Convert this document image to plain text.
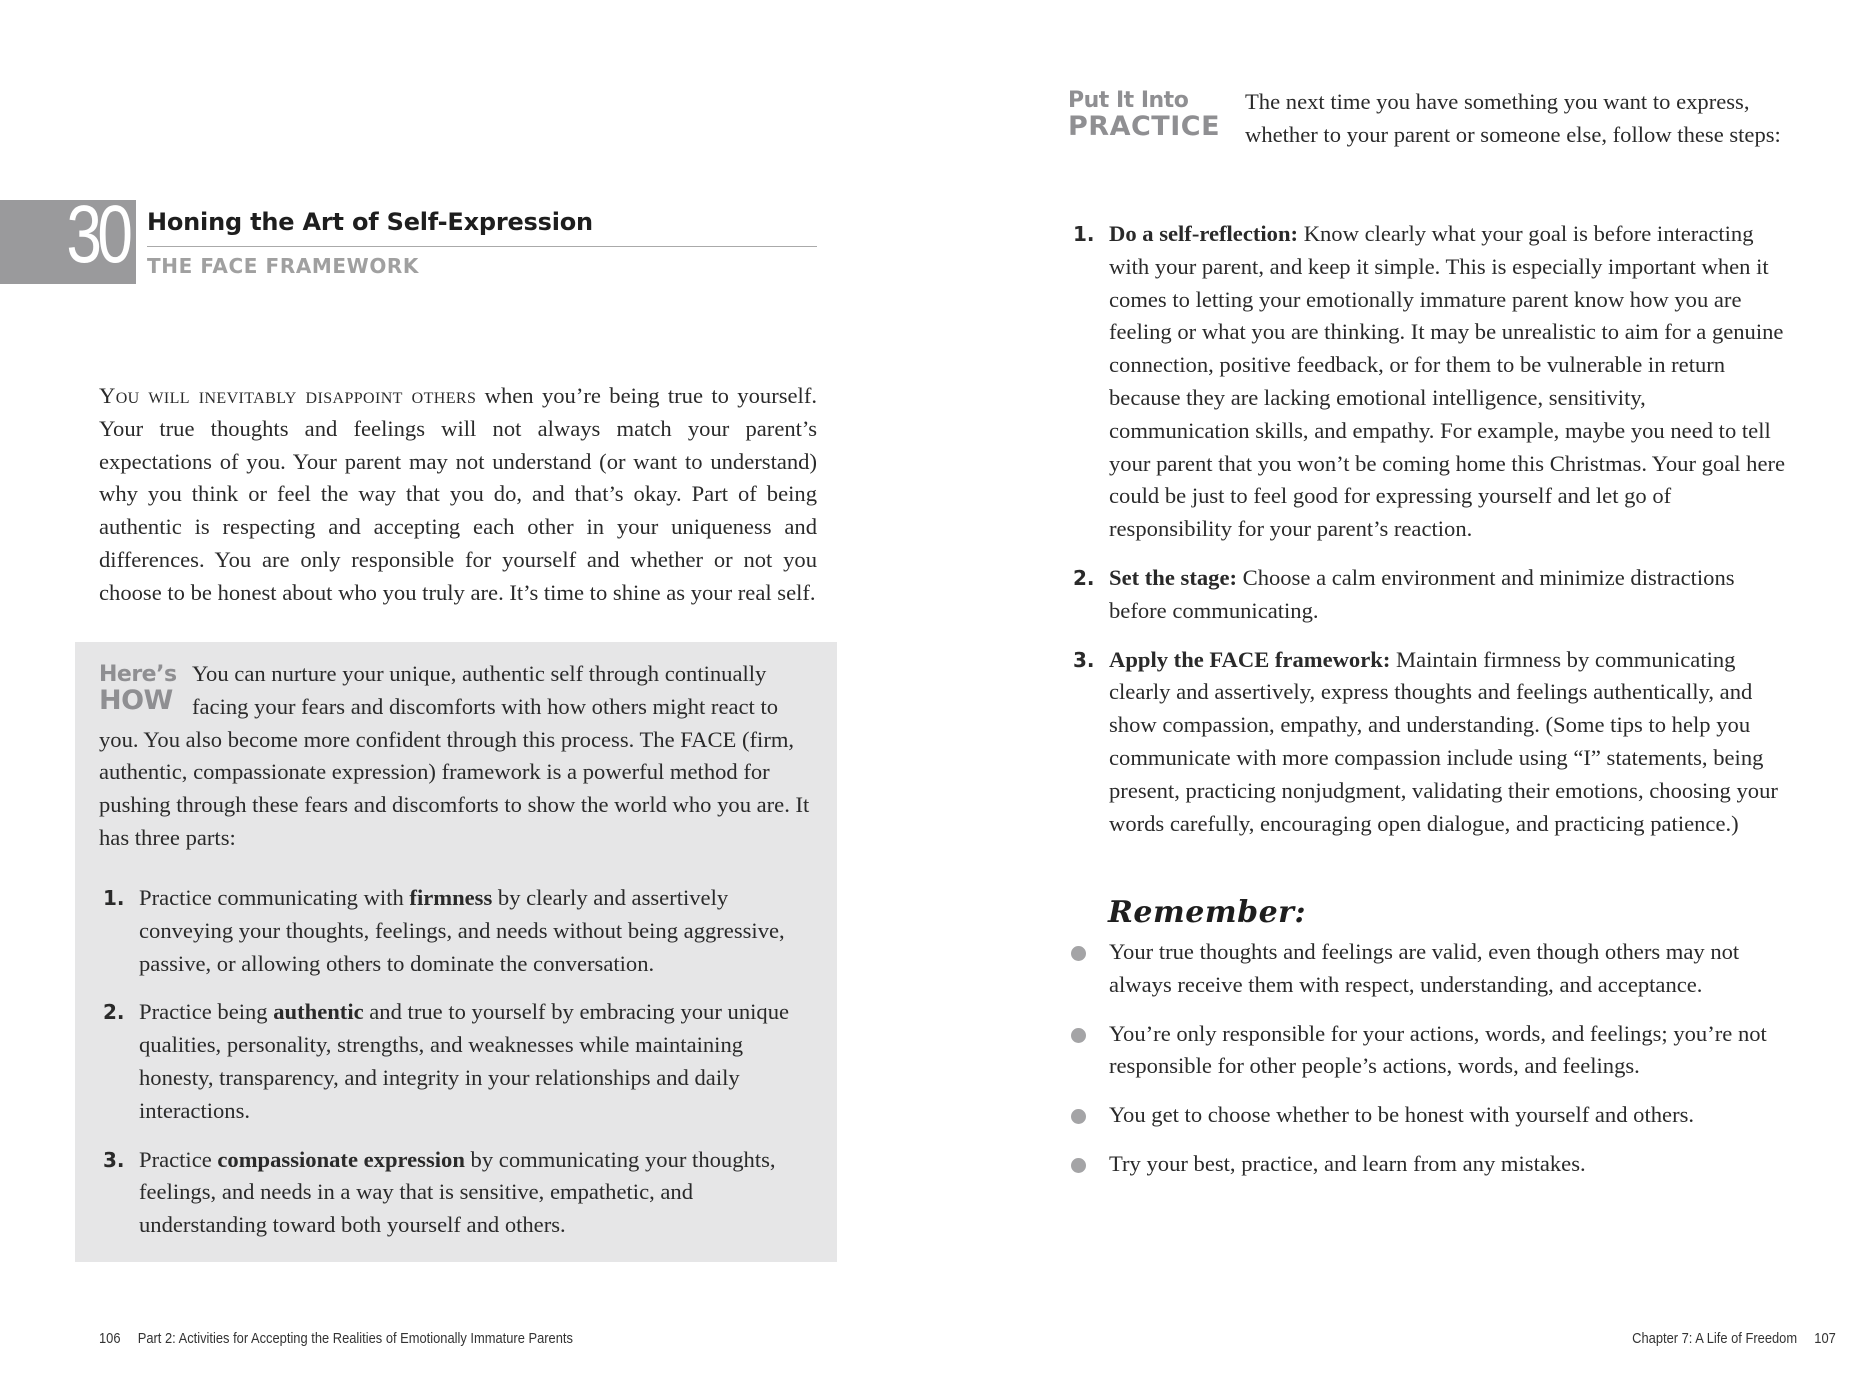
30 Honing the Art of Self-Expression
THE FACE FRAMEWORK
You will inevitably disappoint others when you’re being true to yourself. Your true thoughts and feelings will not always match your parent’s expectations of you. Your parent may not understand (or want to understand) why you think or feel the way that you do, and that’s okay. Part of being authentic is respecting and accepting each other in your uniqueness and differences. You are only responsible for yourself and whether or not you choose to be honest about who you truly are. It’s time to shine as your real self.
Here’s
HOW
You can nurture your unique, authentic self through continually facing your fears and discomforts with how others might react to you. You also become more confident through this process. The FACE (firm, authentic, compassionate expression) framework is a powerful method for pushing through these fears and discomforts to show the world who you are. It has three parts:
1. Practice communicating with firmness by clearly and assertively conveying your thoughts, feelings, and needs without being aggressive, passive, or allowing others to dominate the conversation.
2. Practice being authentic and true to yourself by embracing your unique qualities, personality, strengths, and weaknesses while maintaining honesty, transparency, and integrity in your relationships and daily interactions.
3. Practice compassionate expression by communicating your thoughts, feelings, and needs in a way that is sensitive, empathetic, and understanding toward both yourself and others.
106 Part 2: Activities for Accepting the Realities of Emotionally Immature Parents
Put It Into
PRACTICE
The next time you have something you want to express, whether to your parent or someone else, follow these steps:
1. Do a self-reflection: Know clearly what your goal is before interacting with your parent, and keep it simple. This is especially important when it comes to letting your emotionally immature parent know how you are feeling or what you are thinking. It may be unrealistic to aim for a genuine connection, positive feedback, or for them to be vulnerable in return because they are lacking emotional intelligence, sensitivity, communication skills, and empathy. For example, maybe you need to tell your parent that you won’t be coming home this Christmas. Your goal here could be just to feel good for expressing yourself and let go of responsibility for your parent’s reaction.
2. Set the stage: Choose a calm environment and minimize distractions before communicating.
3. Apply the FACE framework: Maintain firmness by communicating clearly and assertively, express thoughts and feelings authentically, and show compassion, empathy, and understanding. (Some tips to help you communicate with more compassion include using “I” statements, being present, practicing nonjudgment, validating their emotions, choosing your words carefully, encouraging open dialogue, and practicing patience.)
Remember:
Your true thoughts and feelings are valid, even though others may not always receive them with respect, understanding, and acceptance.
You’re only responsible for your actions, words, and feelings; you’re not responsible for other people’s actions, words, and feelings.
You get to choose whether to be honest with yourself and others.
Try your best, practice, and learn from any mistakes.
Chapter 7: A Life of Freedom 107
